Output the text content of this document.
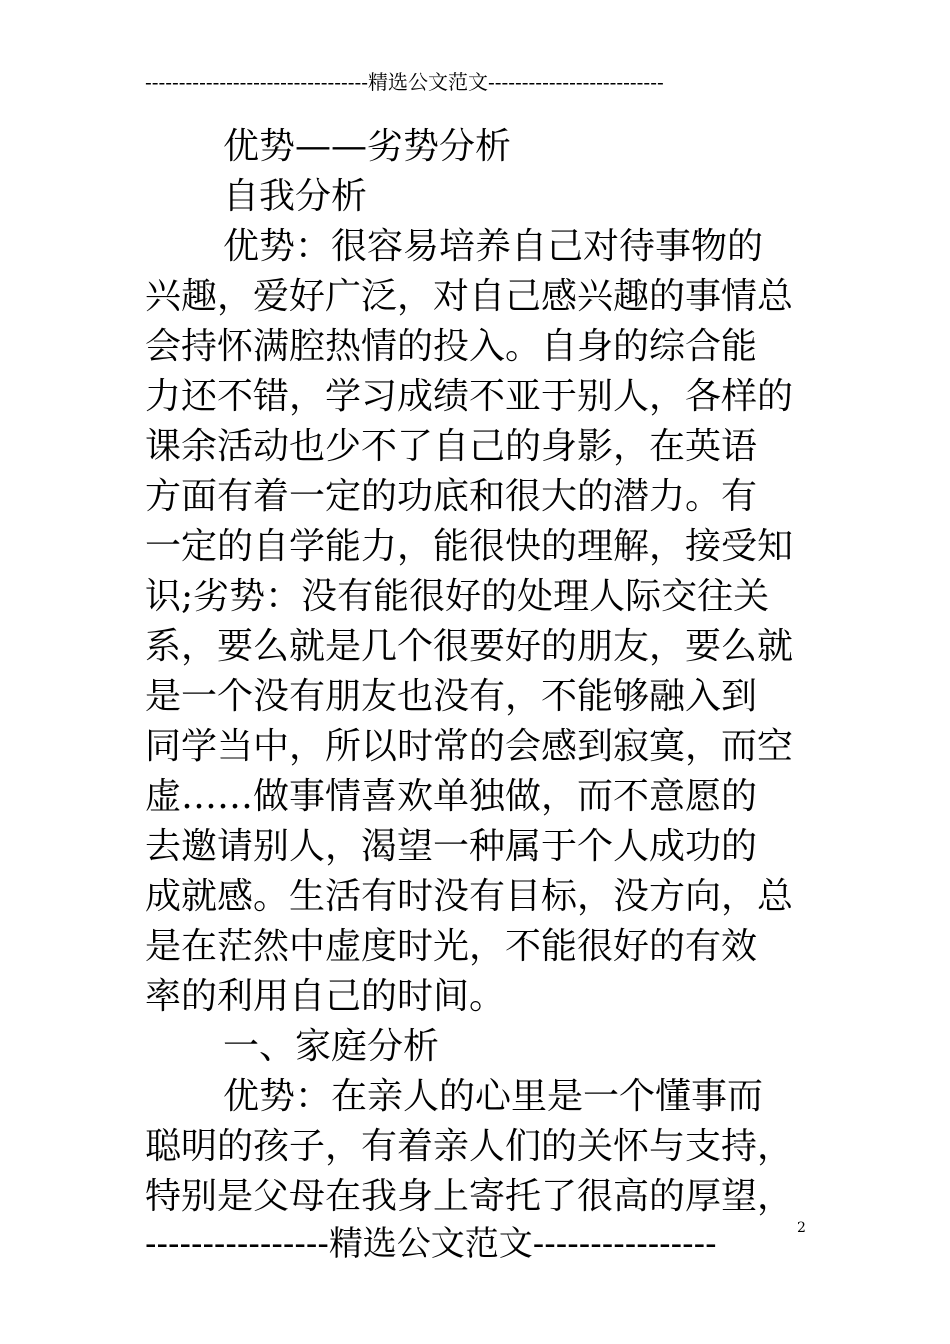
---------------------------------精选公文范文--------------------------
优势——劣势分析
自我分析
优势：很容易培养自己对待事物的
兴趣，爱好广泛，对自己感兴趣的事情总
会持怀满腔热情的投入。自身的综合能
力还不错，学习成绩不亚于别人，各样的
课余活动也少不了自己的身影，在英语
方面有着一定的功底和很大的潜力。有
一定的自学能力，能很快的理解，接受知
识;劣势：没有能很好的处理人际交往关
系，要么就是几个很要好的朋友，要么就
是一个没有朋友也没有，不能够融入到
同学当中，所以时常的会感到寂寞，而空
虚……做事情喜欢单独做，而不意愿的
去邀请别人，渴望一种属于个人成功的
成就感。生活有时没有目标，没方向，总
是在茫然中虚度时光，不能很好的有效
率的利用自己的时间。
一、家庭分析
优势：在亲人的心里是一个懂事而
聪明的孩子，有着亲人们的关怀与支持，
特别是父母在我身上寄托了很高的厚望，
----------------精选公文范文----------------	2
